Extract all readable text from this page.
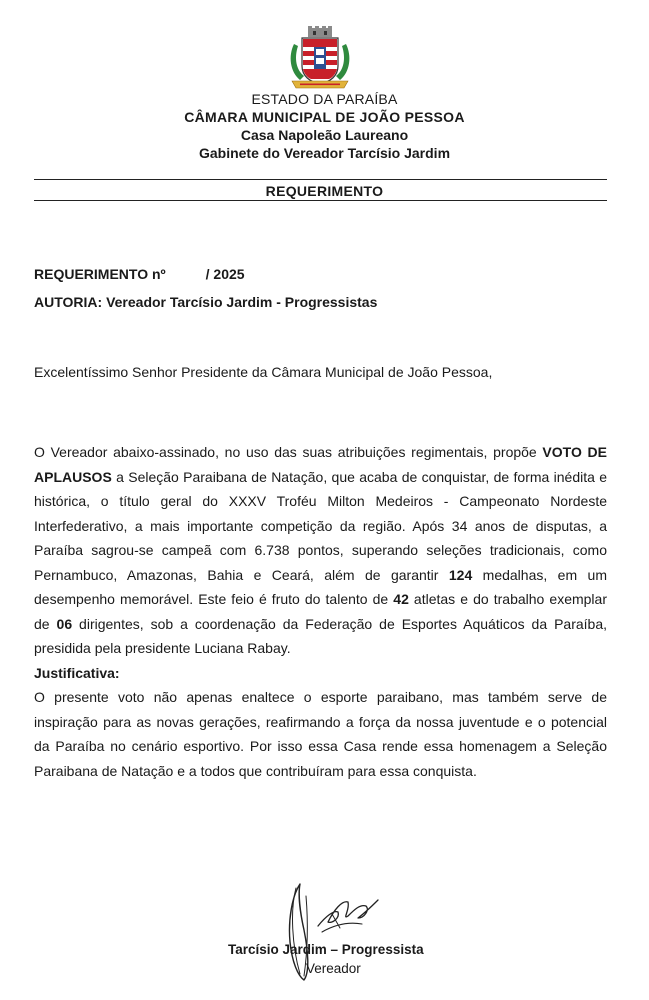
ESTADO DA PARAÍBA
CÂMARA MUNICIPAL DE JOÃO PESSOA
Casa Napoleão Laureano
Gabinete do Vereador Tarcísio Jardim
REQUERIMENTO
REQUERIMENTO nº	/ 2025
AUTORIA: Vereador Tarcísio Jardim - Progressistas
Excelentíssimo Senhor Presidente da Câmara Municipal de João Pessoa,

O Vereador abaixo-assinado, no uso das suas atribuições regimentais, propõe VOTO DE APLAUSOS a Seleção Paraibana de Natação, que acaba de conquistar, de forma inédita e histórica, o título geral do XXXV Troféu Milton Medeiros - Campeonato Nordeste Interfederativo, a mais importante competição da região. Após 34 anos de disputas, a Paraíba sagrou-se campeã com 6.738 pontos, superando seleções tradicionais, como Pernambuco, Amazonas, Bahia e Ceará, além de garantir 124 medalhas, em um desempenho memorável. Este feio é fruto do talento de 42 atletas e do trabalho exemplar de 06 dirigentes, sob a coordenação da Federação de Esportes Aquáticos da Paraíba, presidida pela presidente Luciana Rabay.

Justificativa:

O presente voto não apenas enaltece o esporte paraibano, mas também serve de inspiração para as novas gerações, reafirmando a força da nossa juventude e o potencial da Paraíba no cenário esportivo. Por isso essa Casa rende essa homenagem a Seleção Paraibana de Natação e a todos que contribuíram para essa conquista.

Tarcísio Jardim – Progressista
Vereador
